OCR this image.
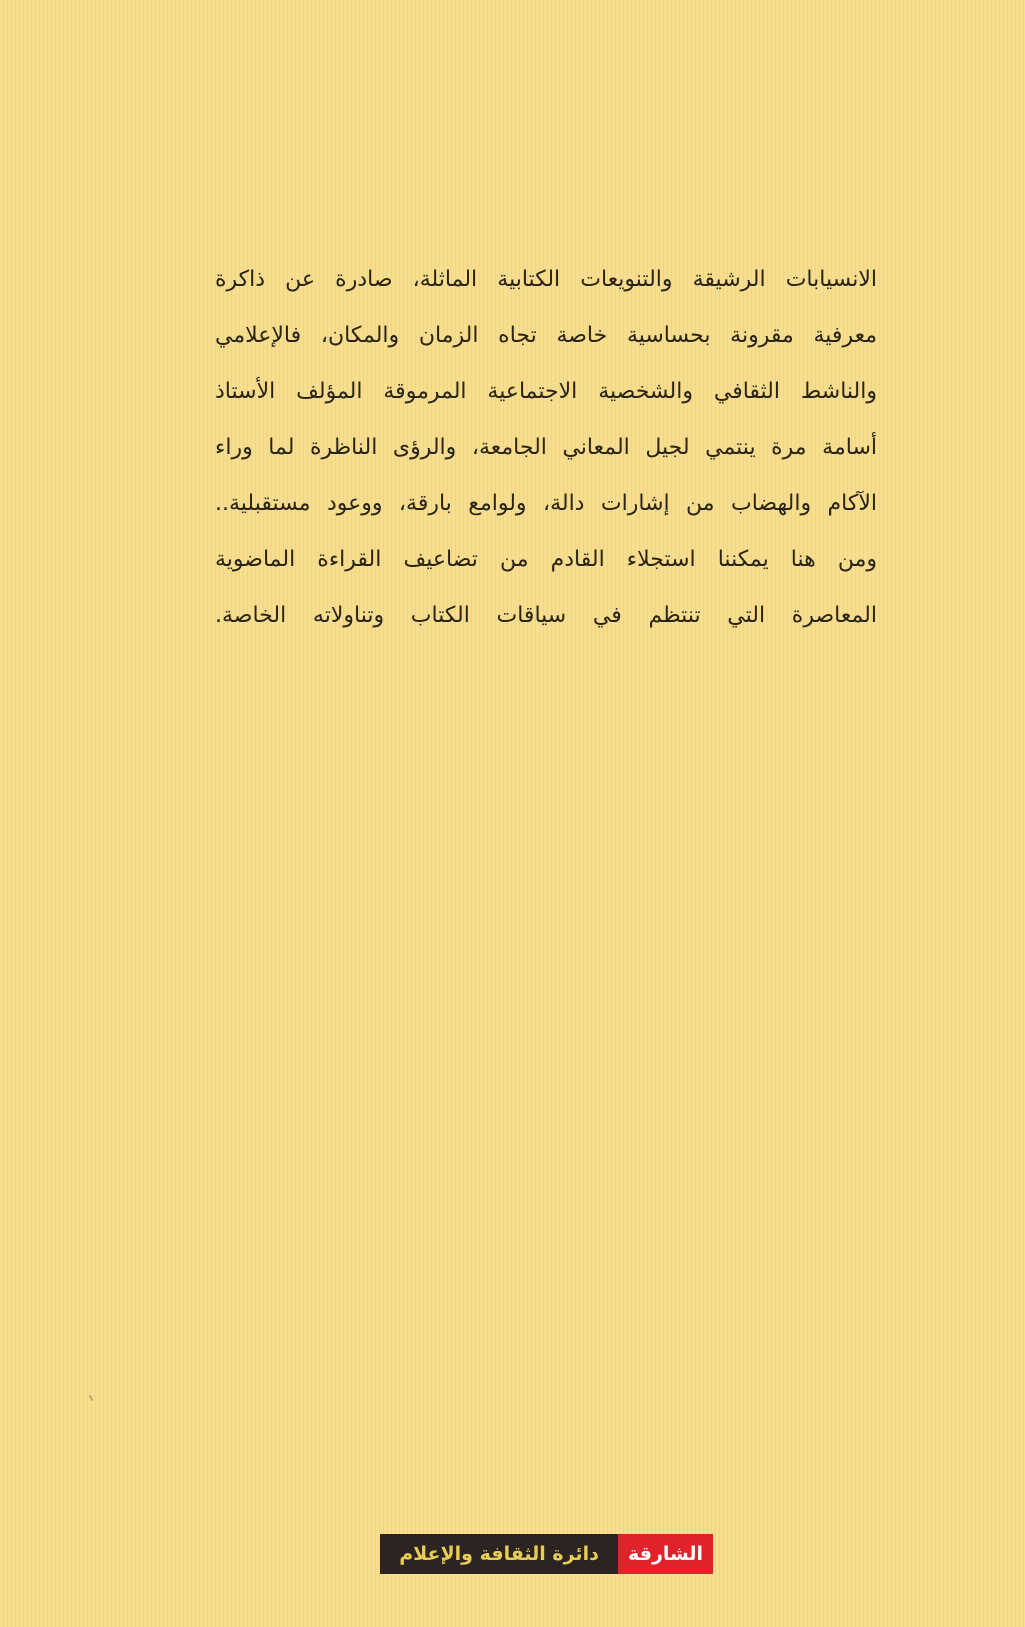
الانسيابات الرشيقة والتنويعات الكتابية الماثلة، صادرة عن ذاكرة
معرفية مقرونة بحساسية خاصة تجاه الزمان والمكان، فالإعلامي
والناشط الثقافي والشخصية الاجتماعية المرموقة المؤلف الأستاذ
أسامة مرة ينتمي لجيل المعاني الجامعة، والرؤى الناظرة لما وراء
الآكام والهضاب من إشارات دالة، ولوامع بارقة، ووعود مستقبلية..
ومن هنا يمكننا استجلاء القادم من تضاعيف القراءة الماضوية
المعاصرة التي تنتظم في سياقات الكتاب وتناولاته الخاصة.
الشارقة
دائرة الثقافة والإعلام
